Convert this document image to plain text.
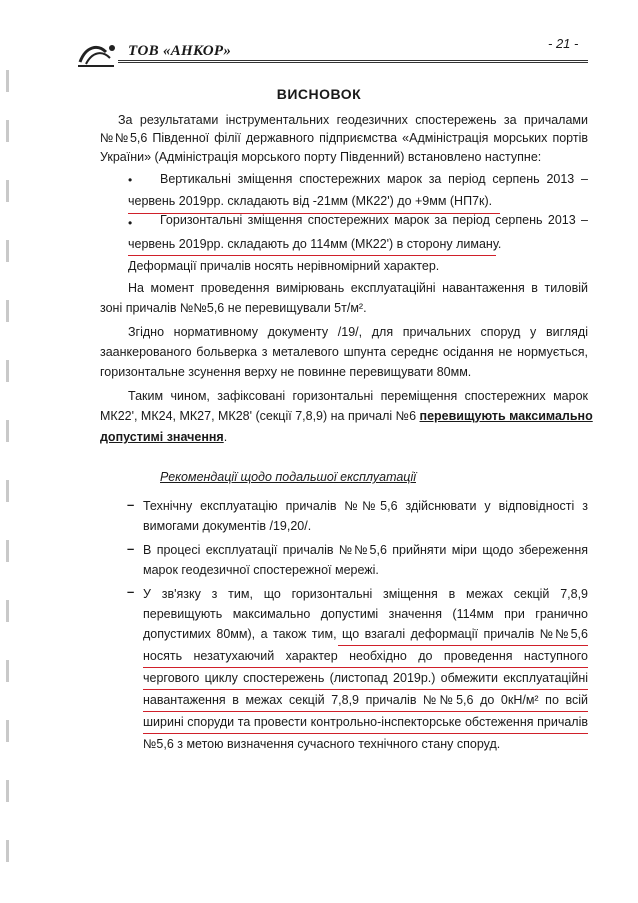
ТОВ «АНКОР»	- 21 -
ВИСНОВОК
За результатами інструментальних геодезичних спостережень за причалами
№№5,6 Південної філії державного підприємства «Адміністрація морських портів
України» (Адміністрація морського порту Південний) встановлено наступне:
• Вертикальні зміщення спостережних марок за період серпень 2013 –
червень 2019рр. складають від -21мм (МК22') до +9мм (НП7к).
• Горизонтальні зміщення спостережних марок за період серпень 2013 –
червень 2019рр. складають до 114мм (МК22') в сторону лиману.
Деформації причалів носять нерівномірний характер.
На момент проведення вимірювань експлуатаційні навантаження в тиловій
зоні причалів №№5,6 не перевищували 5т/м².
Згідно нормативному документу /19/, для причальних споруд у вигляді
заанкерованого больверка з металевого шпунта середнє осідання не нормується,
горизонтальне зсунення верху не повинне перевищувати 80мм.
Таким чином, зафіксовані горизонтальні переміщення спостережних марок
МК22', МК24, МК27, МК28' (секції 7,8,9) на причалі №6 перевищують максимально
допустимі значення.
Рекомендації щодо подальшої експлуатації
– Технічну експлуатацію причалів №№5,6 здійснювати у відповідності з
вимогами документів /19,20/.
– В процесі експлуатації причалів №№5,6 прийняти міри щодо збереження
марок геодезичної спостережної мережі.
– У зв'язку з тим, що горизонтальні зміщення в межах секцій 7,8,9
перевищують максимально допустимі значення (114мм при гранично
допустимих 80мм), а також тим, що взагалі деформації причалів №№5,6
носять незатухаючий характер необхідно до проведення наступного
чергового циклу спостережень (листопад 2019р.) обмежити експлуатаційні
навантаження в межах секцій 7,8,9 причалів №№5,6 до 0кН/м² по всій
ширині споруди та провести контрольно-інспекторське обстеження причалів
№5,6 з метою визначення сучасного технічного стану споруд.
